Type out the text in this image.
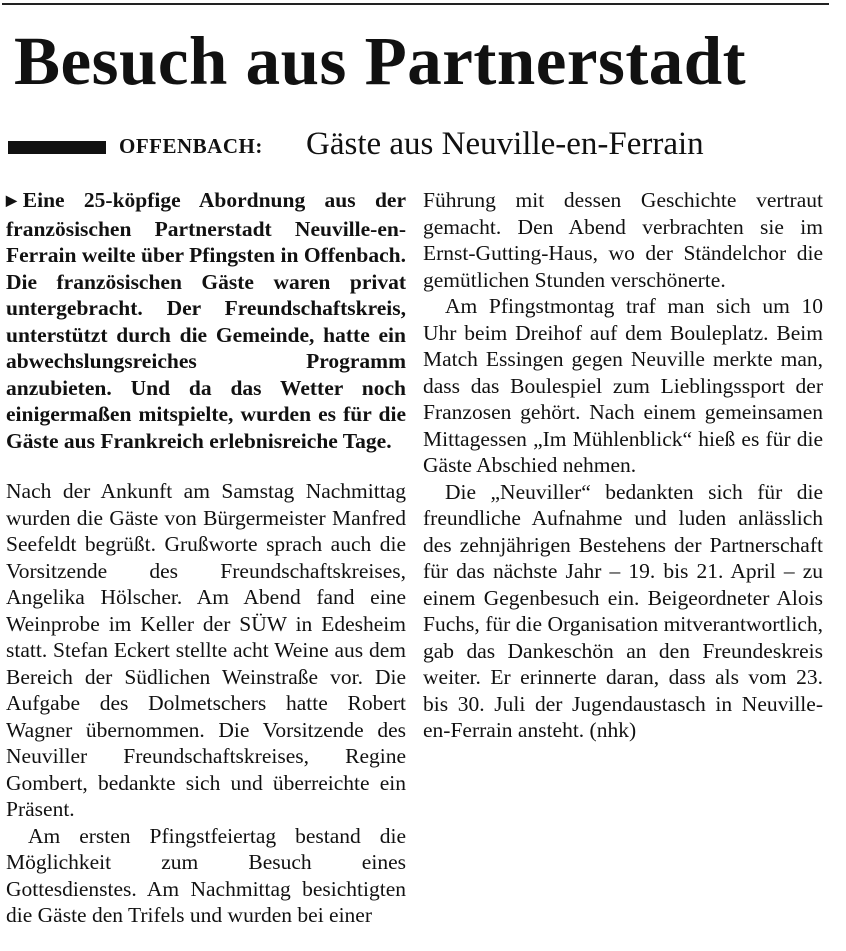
Besuch aus Partnerstadt
OFFENBACH: Gäste aus Neuville-en-Ferrain

▶ Eine 25-köpfige Abordnung aus der französischen Partnerstadt Neuville-en-Ferrain weilte über Pfingsten in Offenbach. Die französischen Gäste waren privat untergebracht. Der Freundschaftskreis, unterstützt durch die Gemeinde, hatte ein abwechslungsreiches Programm anzubieten. Und da das Wetter noch einigermaßen mitspielte, wurden es für die Gäste aus Frankreich erlebnisreiche Tage.

Nach der Ankunft am Samstag Nachmittag wurden die Gäste von Bürgermeister Manfred Seefeldt begrüßt. Grußworte sprach auch die Vorsitzende des Freundschaftskreises, Angelika Hölscher. Am Abend fand eine Weinprobe im Keller der SÜW in Edesheim statt. Stefan Eckert stellte acht Weine aus dem Bereich der Südlichen Weinstraße vor. Die Aufgabe des Dolmetschers hatte Robert Wagner übernommen. Die Vorsitzende des Neuviller Freundschaftskreises, Regine Gombert, bedankte sich und überreichte ein Präsent.

Am ersten Pfingstfeiertag bestand die Möglichkeit zum Besuch eines Gottesdienstes. Am Nachmittag besichtigten die Gäste den Trifels und wurden bei einer

Führung mit dessen Geschichte vertraut gemacht. Den Abend verbrachten sie im Ernst-Gutting-Haus, wo der Ständelchor die gemütlichen Stunden verschönerte.

Am Pfingstmontag traf man sich um 10 Uhr beim Dreihof auf dem Bouleplatz. Beim Match Essingen gegen Neuville merkte man, dass das Boulespiel zum Lieblingssport der Franzosen gehört. Nach einem gemeinsamen Mittagessen „Im Mühlenblick“ hieß es für die Gäste Abschied nehmen.

Die „Neuviller“ bedankten sich für die freundliche Aufnahme und luden anlässlich des zehnjährigen Bestehens der Partnerschaft für das nächste Jahr – 19. bis 21. April – zu einem Gegenbesuch ein. Beigeordneter Alois Fuchs, für die Organisation mitverantwortlich, gab das Dankeschön an den Freundeskreis weiter. Er erinnerte daran, dass als vom 23. bis 30. Juli der Jugendaustasch in Neuville-en-Ferrain ansteht. (nhk)
